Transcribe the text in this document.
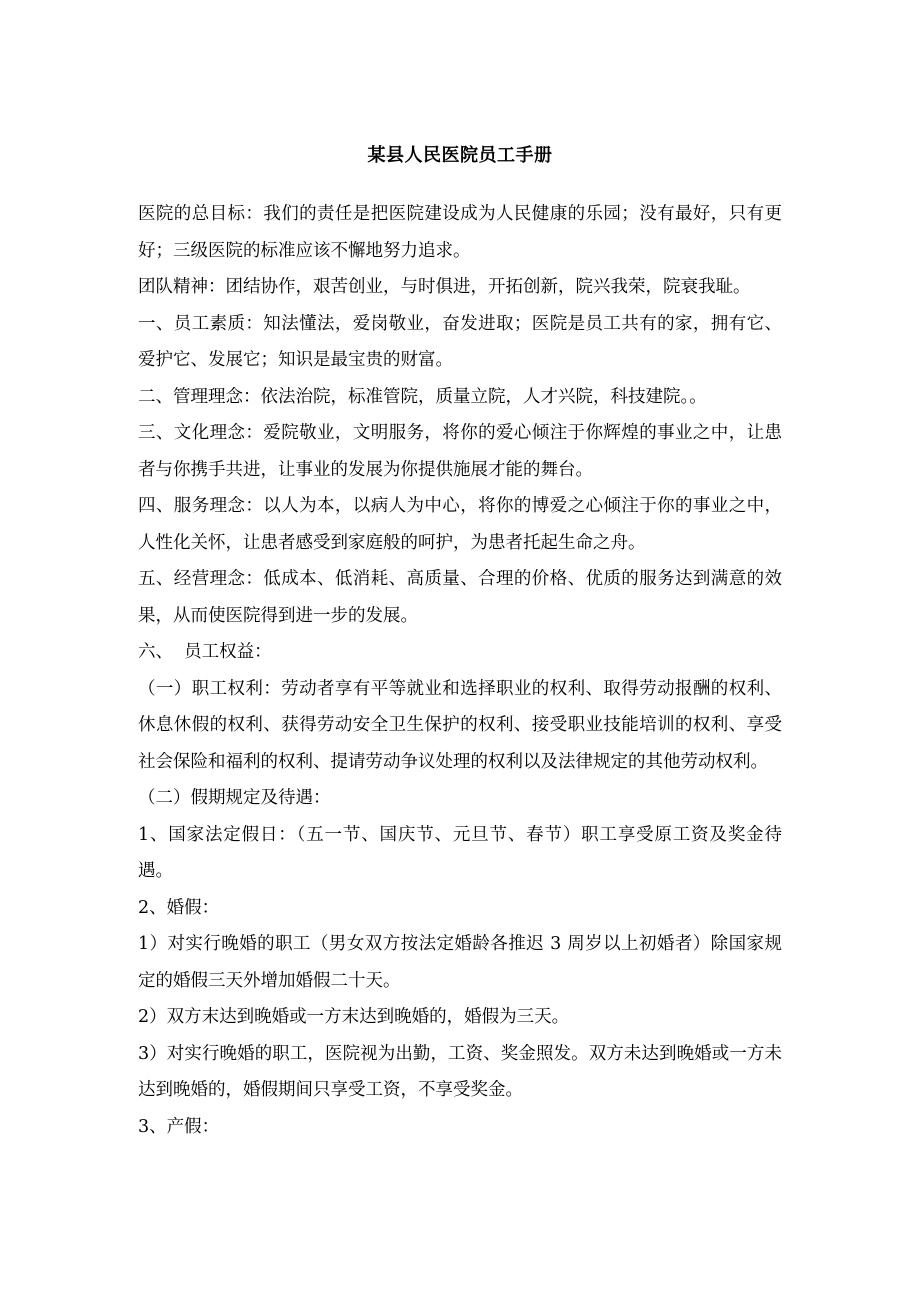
某县人民医院员工手册

医院的总目标：我们的责任是把医院建设成为人民健康的乐园；没有最好，只有更好；三级医院的标准应该不懈地努力追求。

团队精神：团结协作，艰苦创业，与时俱进，开拓创新，院兴我荣，院衰我耻。

一、员工素质：知法懂法，爱岗敬业，奋发进取；医院是员工共有的家，拥有它、爱护它、发展它；知识是最宝贵的财富。

二、管理理念：依法治院，标准管院，质量立院，人才兴院，科技建院。。

三、文化理念：爱院敬业，文明服务，将你的爱心倾注于你辉煌的事业之中，让患者与你携手共进，让事业的发展为你提供施展才能的舞台。

四、服务理念：以人为本，以病人为中心，将你的博爱之心倾注于你的事业之中，人性化关怀，让患者感受到家庭般的呵护，为患者托起生命之舟。

五、经营理念：低成本、低消耗、高质量、合理的价格、优质的服务达到满意的效果，从而使医院得到进一步的发展。

六、  员工权益：

（一）职工权利：劳动者享有平等就业和选择职业的权利、取得劳动报酬的权利、休息休假的权利、获得劳动安全卫生保护的权利、接受职业技能培训的权利、享受社会保险和福利的权利、提请劳动争议处理的权利以及法律规定的其他劳动权利。

（二）假期规定及待遇：

1、国家法定假日：（五一节、国庆节、元旦节、春节）职工享受原工资及奖金待遇。

2、婚假：

1）对实行晚婚的职工（男女双方按法定婚龄各推迟 3 周岁以上初婚者）除国家规定的婚假三天外增加婚假二十天。

2）双方末达到晚婚或一方末达到晚婚的，婚假为三天。

3）对实行晚婚的职工，医院视为出勤，工资、奖金照发。双方未达到晚婚或一方未达到晚婚的，婚假期间只享受工资，不享受奖金。

3、产假：
